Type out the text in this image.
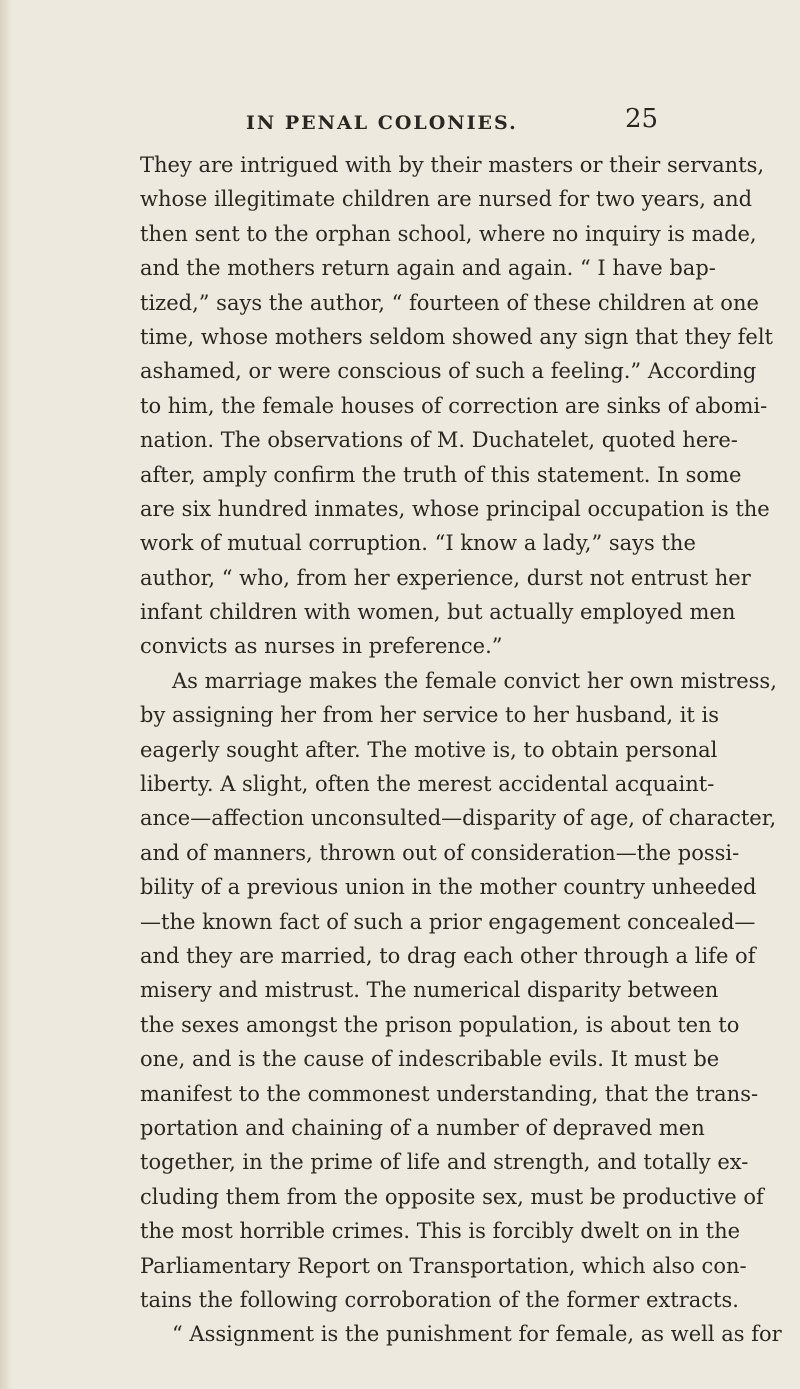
IN PENAL COLONIES.	25
They are intrigued with by their masters or their servants,
whose illegitimate children are nursed for two years, and
then sent to the orphan school, where no inquiry is made,
and the mothers return again and again. “ I have bap-
tized,” says the author, “ fourteen of these children at one
time, whose mothers seldom showed any sign that they felt
ashamed, or were conscious of such a feeling.” According
to him, the female houses of correction are sinks of abomi-
nation. The observations of M. Duchatelet, quoted here-
after, amply confirm the truth of this statement. In some
are six hundred inmates, whose principal occupation is the
work of mutual corruption. “I know a lady,” says the
author, “ who, from her experience, durst not entrust her
infant children with women, but actually employed men
convicts as nurses in preference.”
As marriage makes the female convict her own mistress,
by assigning her from her service to her husband, it is
eagerly sought after. The motive is, to obtain personal
liberty. A slight, often the merest accidental acquaint-
ance—affection unconsulted—disparity of age, of character,
and of manners, thrown out of consideration—the possi-
bility of a previous union in the mother country unheeded
—the known fact of such a prior engagement concealed—
and they are married, to drag each other through a life of
misery and mistrust. The numerical disparity between
the sexes amongst the prison population, is about ten to
one, and is the cause of indescribable evils. It must be
manifest to the commonest understanding, that the trans-
portation and chaining of a number of depraved men
together, in the prime of life and strength, and totally ex-
cluding them from the opposite sex, must be productive of
the most horrible crimes. This is forcibly dwelt on in the
Parliamentary Report on Transportation, which also con-
tains the following corroboration of the former extracts.
“ Assignment is the punishment for female, as well as for
